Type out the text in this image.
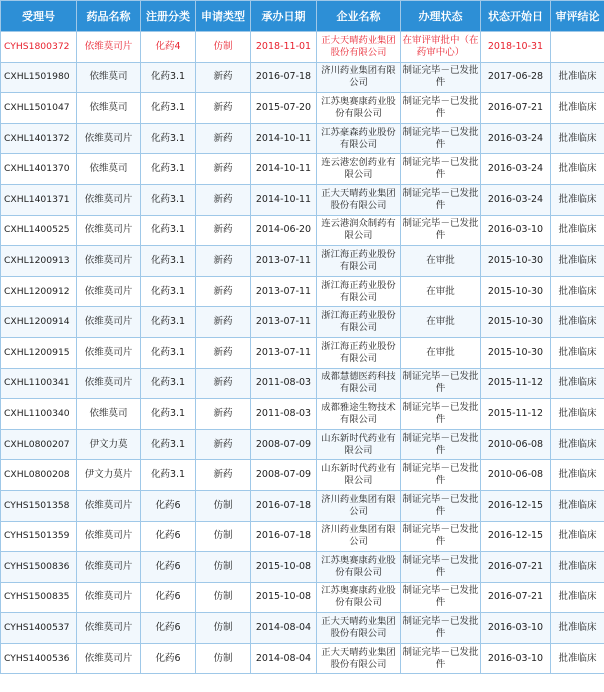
受理号	药品名称	注册分类	申请类型	承办日期	企业名称	办理状态	状态开始日	审评结论
CYHS1800372	依维莫司片	化药4	仿制	2018-11-01	正大天晴药业集团股份有限公司	在审评审批中（在药审中心）	2018-10-31	
CXHL1501980	依维莫司	化药3.1	新药	2016-07-18	济川药业集团有限公司	制证完毕－已发批件	2017-06-28	批准临床
CXHL1501047	依维莫司	化药3.1	新药	2015-07-20	江苏奥赛康药业股份有限公司	制证完毕－已发批件	2016-07-21	批准临床
CXHL1401372	依维莫司片	化药3.1	新药	2014-10-11	江苏豪森药业股份有限公司	制证完毕－已发批件	2016-03-24	批准临床
CXHL1401370	依维莫司	化药3.1	新药	2014-10-11	连云港宏创药业有限公司	制证完毕－已发批件	2016-03-24	批准临床
CXHL1401371	依维莫司片	化药3.1	新药	2014-10-11	正大天晴药业集团股份有限公司	制证完毕－已发批件	2016-03-24	批准临床
CXHL1400525	依维莫司片	化药3.1	新药	2014-06-20	连云港润众制药有限公司	制证完毕－已发批件	2016-03-10	批准临床
CXHL1200913	依维莫司片	化药3.1	新药	2013-07-11	浙江海正药业股份有限公司	在审批	2015-10-30	批准临床
CXHL1200912	依维莫司片	化药3.1	新药	2013-07-11	浙江海正药业股份有限公司	在审批	2015-10-30	批准临床
CXHL1200914	依维莫司片	化药3.1	新药	2013-07-11	浙江海正药业股份有限公司	在审批	2015-10-30	批准临床
CXHL1200915	依维莫司片	化药3.1	新药	2013-07-11	浙江海正药业股份有限公司	在审批	2015-10-30	批准临床
CXHL1100341	依维莫司片	化药3.1	新药	2011-08-03	成都慧德医药科技有限公司	制证完毕－已发批件	2015-11-12	批准临床
CXHL1100340	依维莫司	化药3.1	新药	2011-08-03	成都雅途生物技术有限公司	制证完毕－已发批件	2015-11-12	批准临床
CXHL0800207	伊文力莫	化药3.1	新药	2008-07-09	山东新时代药业有限公司	制证完毕－已发批件	2010-06-08	批准临床
CXHL0800208	伊文力莫片	化药3.1	新药	2008-07-09	山东新时代药业有限公司	制证完毕－已发批件	2010-06-08	批准临床
CYHS1501358	依维莫司片	化药6	仿制	2016-07-18	济川药业集团有限公司	制证完毕－已发批件	2016-12-15	批准临床
CYHS1501359	依维莫司片	化药6	仿制	2016-07-18	济川药业集团有限公司	制证完毕－已发批件	2016-12-15	批准临床
CYHS1500836	依维莫司片	化药6	仿制	2015-10-08	江苏奥赛康药业股份有限公司	制证完毕－已发批件	2016-07-21	批准临床
CYHS1500835	依维莫司片	化药6	仿制	2015-10-08	江苏奥赛康药业股份有限公司	制证完毕－已发批件	2016-07-21	批准临床
CYHS1400537	依维莫司片	化药6	仿制	2014-08-04	正大天晴药业集团股份有限公司	制证完毕－已发批件	2016-03-10	批准临床
CYHS1400536	依维莫司片	化药6	仿制	2014-08-04	正大天晴药业集团股份有限公司	制证完毕－已发批件	2016-03-10	批准临床
